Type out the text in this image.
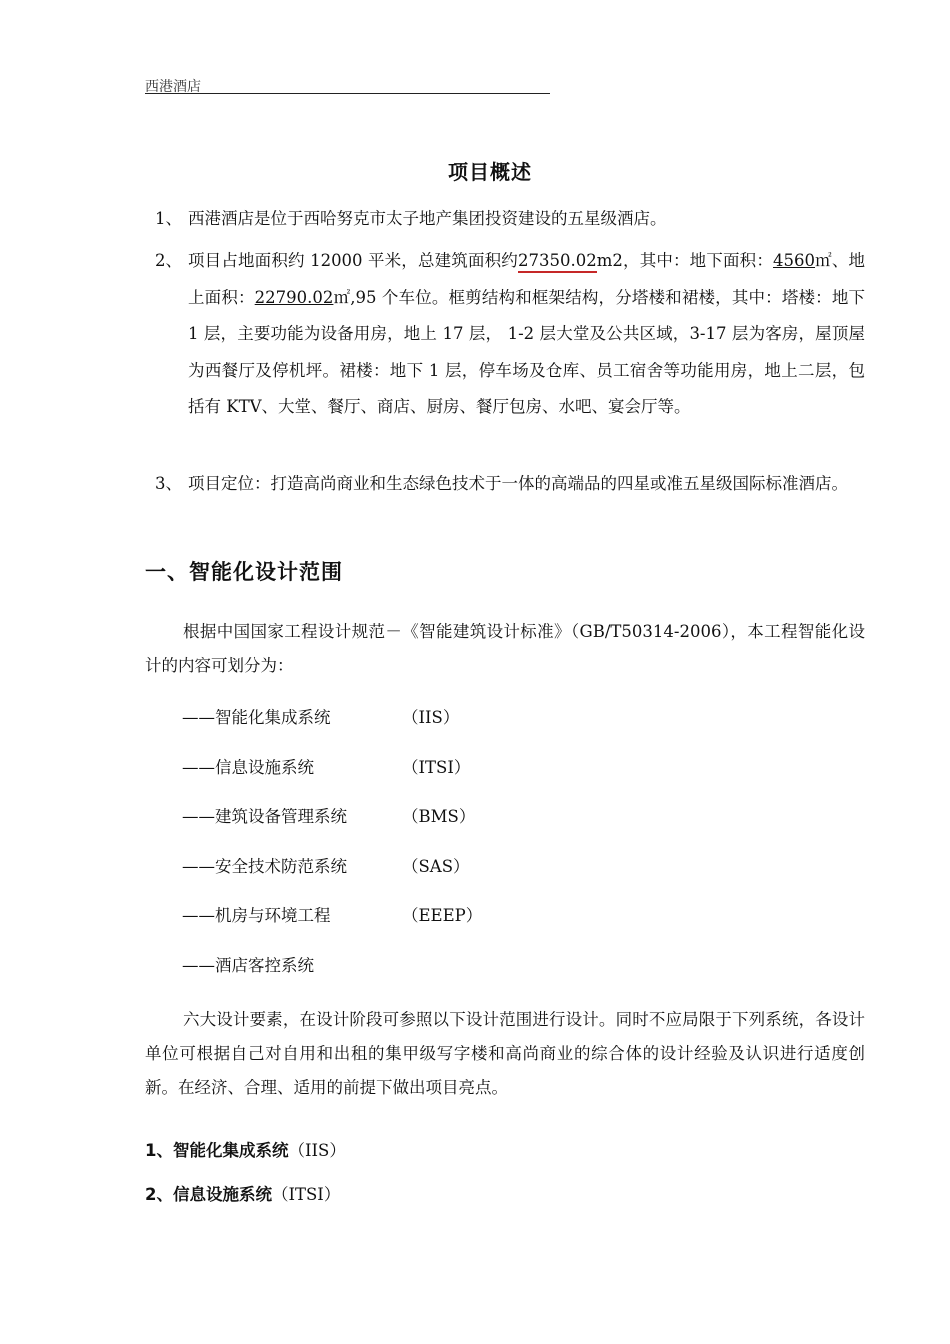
西港酒店
项目概述
1、 西港酒店是位于西哈努克市太子地产集团投资建设的五星级酒店。
2、 项目占地面积约 12000 平米，总建筑面积约27350.02m2，其中：地下面积：4560㎡、地上面积：22790.02㎡,95 个车位。框剪结构和框架结构，分塔楼和裙楼，其中：塔楼：地下 1 层，主要功能为设备用房，地上 17 层， 1-2 层大堂及公共区域，3-17 层为客房，屋顶屋为西餐厅及停机坪。裙楼：地下 1 层，停车场及仓库、员工宿舍等功能用房，地上二层，包括有 KTV、大堂、餐厅、商店、厨房、餐厅包房、水吧、宴会厅等。
3、 项目定位：打造高尚商业和生态绿色技术于一体的高端品的四星或准五星级国际标准酒店。
一、智能化设计范围
根据中国国家工程设计规范－《智能建筑设计标准》（GB/T50314-2006），本工程智能化设计的内容可划分为：
——智能化集成系统	（IIS）
——信息设施系统	（ITSI）
——建筑设备管理系统	（BMS）
——安全技术防范系统	（SAS）
——机房与环境工程	（EEEP）
——酒店客控系统
六大设计要素，在设计阶段可参照以下设计范围进行设计。同时不应局限于下列系统，各设计单位可根据自己对自用和出租的集甲级写字楼和高尚商业的综合体的设计经验及认识进行适度创新。在经济、合理、适用的前提下做出项目亮点。
1、智能化集成系统（IIS）
2、信息设施系统（ITSI）
